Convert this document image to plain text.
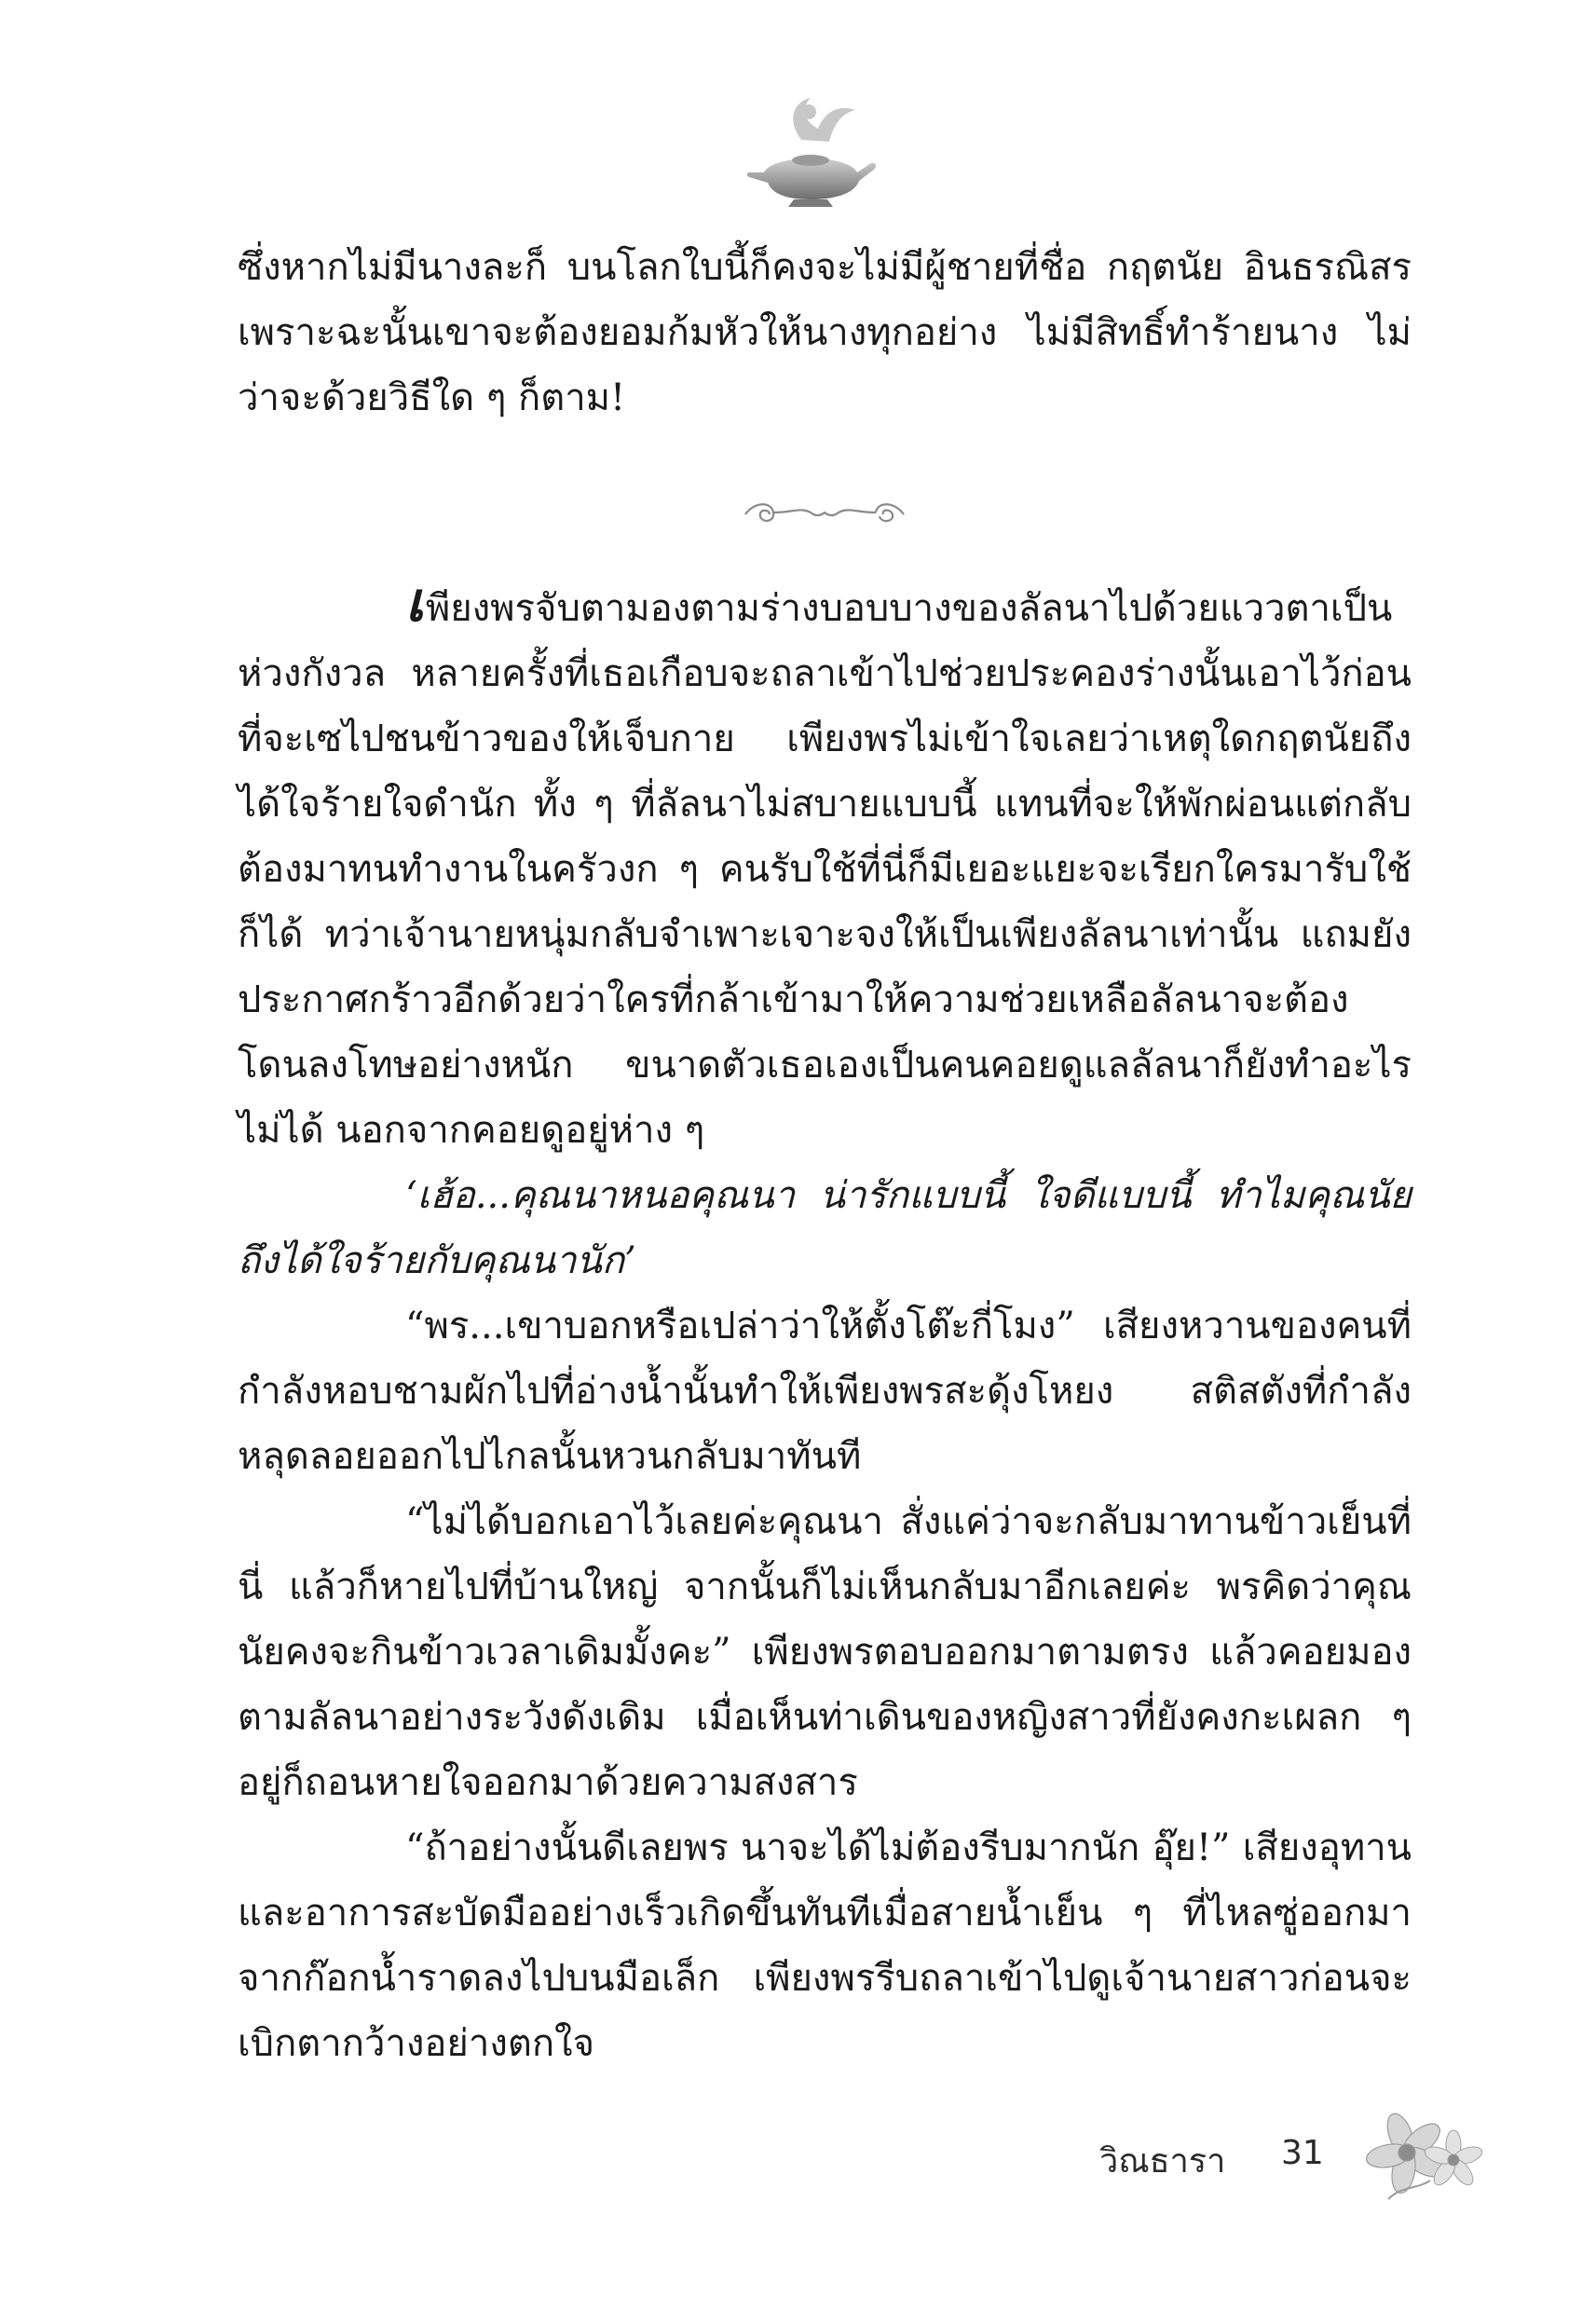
ซึ่งหากไม่มีนางละก็ บนโลกใบนี้ก็คงจะไม่มีผู้ชายที่ชื่อ กฤตนัย อินธรณิสร เพราะฉะนั้นเขาจะต้องยอมก้มหัวให้นางทุกอย่าง ไม่มีสิทธิ์ทำร้ายนาง ไม่ว่าจะด้วยวิธีใด ๆ ก็ตาม!

เพียงพรจับตามองตามร่างบอบบางของลัลนาไปด้วยแววตาเป็นห่วงกังวล หลายครั้งที่เธอเกือบจะถลาเข้าไปช่วยประคองร่างนั้นเอาไว้ก่อนที่จะเซไปชนข้าวของให้เจ็บกาย เพียงพรไม่เข้าใจเลยว่าเหตุใดกฤตนัยถึงได้ใจร้ายใจดำนัก ทั้ง ๆ ที่ลัลนาไม่สบายแบบนี้ แทนที่จะให้พักผ่อนแต่กลับต้องมาทนทำงานในครัวงก ๆ คนรับใช้ที่นี่ก็มีเยอะแยะจะเรียกใครมารับใช้ก็ได้ ทว่าเจ้านายหนุ่มกลับจำเพาะเจาะจงให้เป็นเพียงลัลนาเท่านั้น แถมยังประกาศกร้าวอีกด้วยว่าใครที่กล้าเข้ามาให้ความช่วยเหลือลัลนาจะต้องโดนลงโทษอย่างหนัก ขนาดตัวเธอเองเป็นคนคอยดูแลลัลนาก็ยังทำอะไรไม่ได้ นอกจากคอยดูอยู่ห่าง ๆ

‘เฮ้อ...คุณนาหนอคุณนา น่ารักแบบนี้ ใจดีแบบนี้ ทำไมคุณนัยถึงได้ใจร้ายกับคุณนานัก’

“พร...เขาบอกหรือเปล่าว่าให้ตั้งโต๊ะกี่โมง” เสียงหวานของคนที่กำลังหอบชามผักไปที่อ่างน้ำนั้นทำให้เพียงพรสะดุ้งโหยง สติสตังที่กำลังหลุดลอยออกไปไกลนั้นหวนกลับมาทันที

“ไม่ได้บอกเอาไว้เลยค่ะคุณนา สั่งแค่ว่าจะกลับมาทานข้าวเย็นที่นี่ แล้วก็หายไปที่บ้านใหญ่ จากนั้นก็ไม่เห็นกลับมาอีกเลยค่ะ พรคิดว่าคุณนัยคงจะกินข้าวเวลาเดิมมั้งคะ” เพียงพรตอบออกมาตามตรง แล้วคอยมองตามลัลนาอย่างระวังดังเดิม เมื่อเห็นท่าเดินของหญิงสาวที่ยังคงกะเผลก ๆ อยู่ก็ถอนหายใจออกมาด้วยความสงสาร

“ถ้าอย่างนั้นดีเลยพร นาจะได้ไม่ต้องรีบมากนัก อุ๊ย!” เสียงอุทานและอาการสะบัดมืออย่างเร็วเกิดขึ้นทันทีเมื่อสายน้ำเย็น ๆ ที่ไหลซู่ออกมาจากก๊อกน้ำราดลงไปบนมือเล็ก เพียงพรรีบถลาเข้าไปดูเจ้านายสาวก่อนจะเบิกตากว้างอย่างตกใจ

วิณธารา 31
